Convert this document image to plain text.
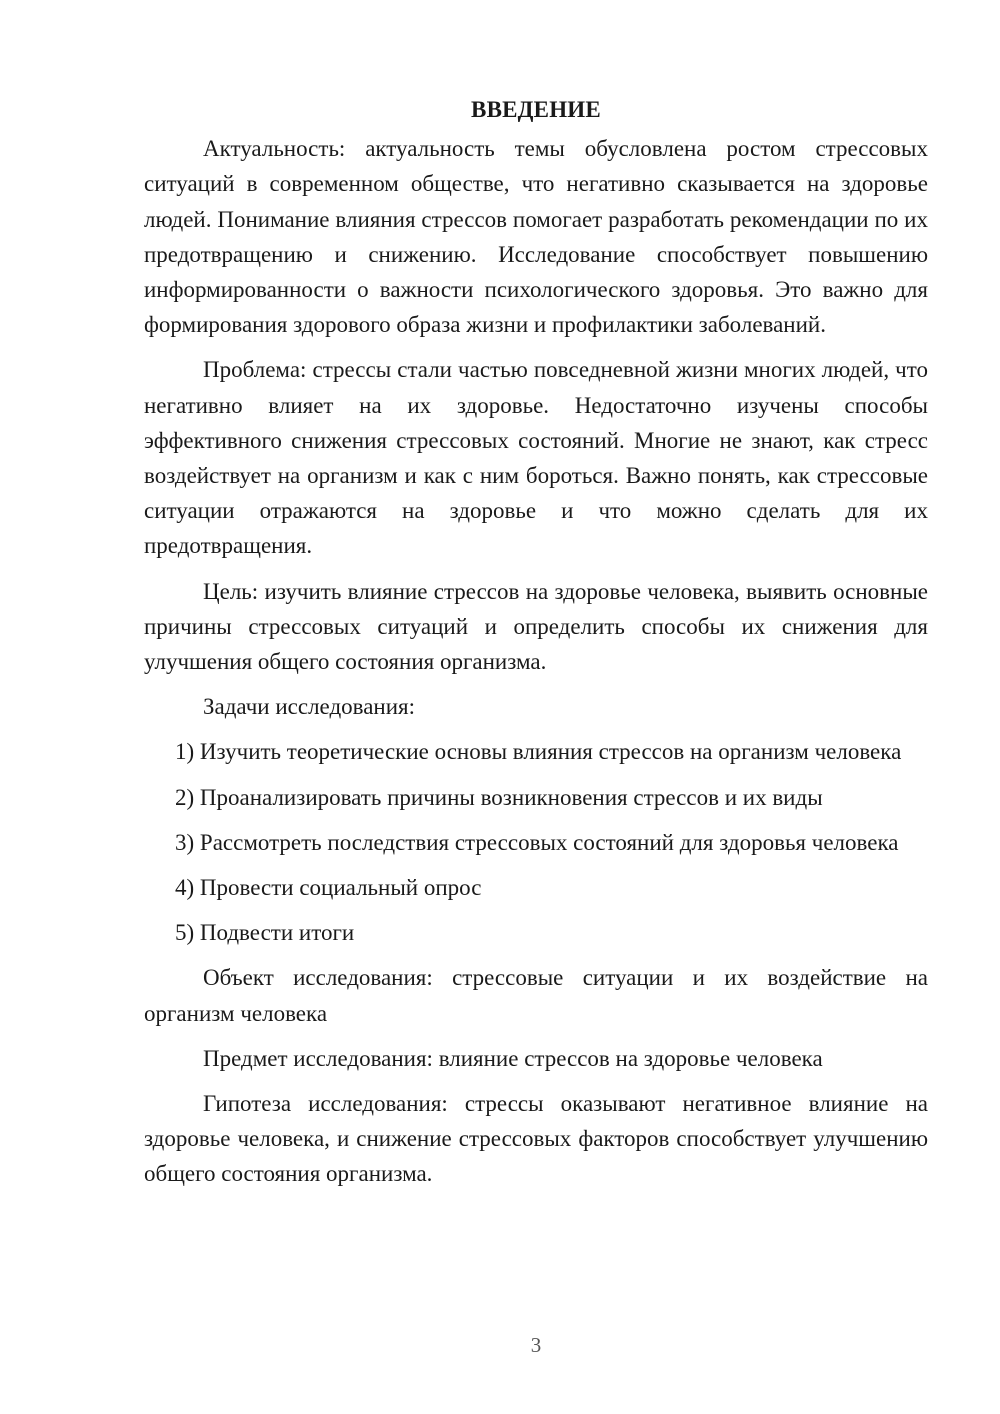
ВВЕДЕНИЕ

Актуальность: актуальность темы обусловлена ростом стрессовых ситуаций в современном обществе, что негативно сказывается на здоровье людей. Понимание влияния стрессов помогает разработать рекомендации по их предотвращению и снижению. Исследование способствует повышению информированности о важности психологического здоровья. Это важно для формирования здорового образа жизни и профилактики заболеваний.

Проблема: стрессы стали частью повседневной жизни многих людей, что негативно влияет на их здоровье. Недостаточно изучены способы эффективного снижения стрессовых состояний. Многие не знают, как стресс воздействует на организм и как с ним бороться. Важно понять, как стрессовые ситуации отражаются на здоровье и что можно сделать для их предотвращения.

Цель: изучить влияние стрессов на здоровье человека, выявить основные причины стрессовых ситуаций и определить способы их снижения для улучшения общего состояния организма.

Задачи исследования:

1) Изучить теоретические основы влияния стрессов на организм человека

2) Проанализировать причины возникновения стрессов и их виды

3) Рассмотреть последствия стрессовых состояний для здоровья человека

4) Провести социальный опрос

5) Подвести итоги

Объект исследования: стрессовые ситуации и их воздействие на организм человека

Предмет исследования: влияние стрессов на здоровье человека

Гипотеза исследования: стрессы оказывают негативное влияние на здоровье человека, и снижение стрессовых факторов способствует улучшению общего состояния организма.

3
